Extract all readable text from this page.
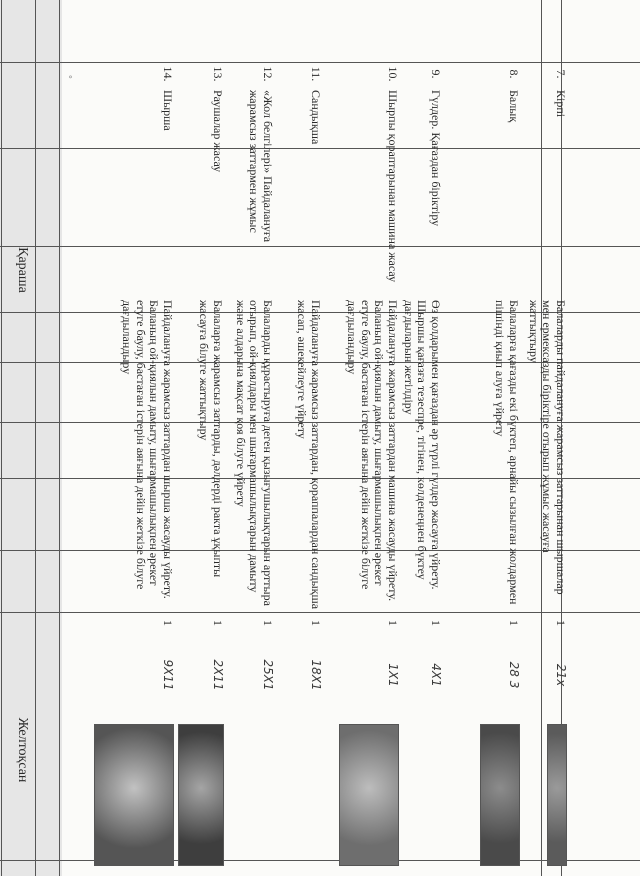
∘
Желтоқсан
Қараша
7.
Кірпі
Балаларды пайдалануға жарамсыз заттарынан шыршалар мен ермексазды біріктіре отырып жұмыс жасауға жаттықтыру
1
21х
8.
Балық
Балаларға қағазды екі бүктеп, арнайы сызылған жолдармен пішінді қиып алуға үйрету
1
28 3
9.
Гүлдер. Қағаздан біріктіру
Өз қолдарымен қағаздан әр түрлі гүлдер жасауға үйрету. Шыршы қағазға тезеспре, тігінен, көлденеңнен бүктеу дағдыларын жетілдіру
1
4Х1
10.
Шырпы қораптарынан машина жасау
Пайдалануға жарамсыз заттардан машина жасауды үйрету. Баланың ой-қиялын дамыту, шығармашылықпен әрекет етуге баулу, бастаған істерін аяғына дейін жеткізе білуге дағдыландыру
1
1Х1
11.
Сандықша
Пайдалануға жарамсыз заттардан, қораппалардан сандықша жасап, әшекейлеуге үйрету
1
18Х1
12.
«Жол белгілері» Пайдалануға жарамсыз заттармен жұмыс
Балаларды құрастыруға деген қызығушылықтарын арттыра отырып, ой-қиялдары мен шығармашылықтарын дамыту және алдарына мақсат қоя білуге үйрету
1
25Х1
13.
Раушалар жасау
Балаларға жарамсыз заттарды, дәлдерді ракта ұқыпты жасауға білуге жаттықтыру
1
2Х11
14.
Шырша
Пайдалануға жарамсыз заттардан шырша жасауды үйрету. Баланың ой-қиялын дамыту, шығармашылықпен әрекет етуге баулу, бастаған істерін аяғына дейін жеткізе білуге дағдыландыру
1
9Х11
